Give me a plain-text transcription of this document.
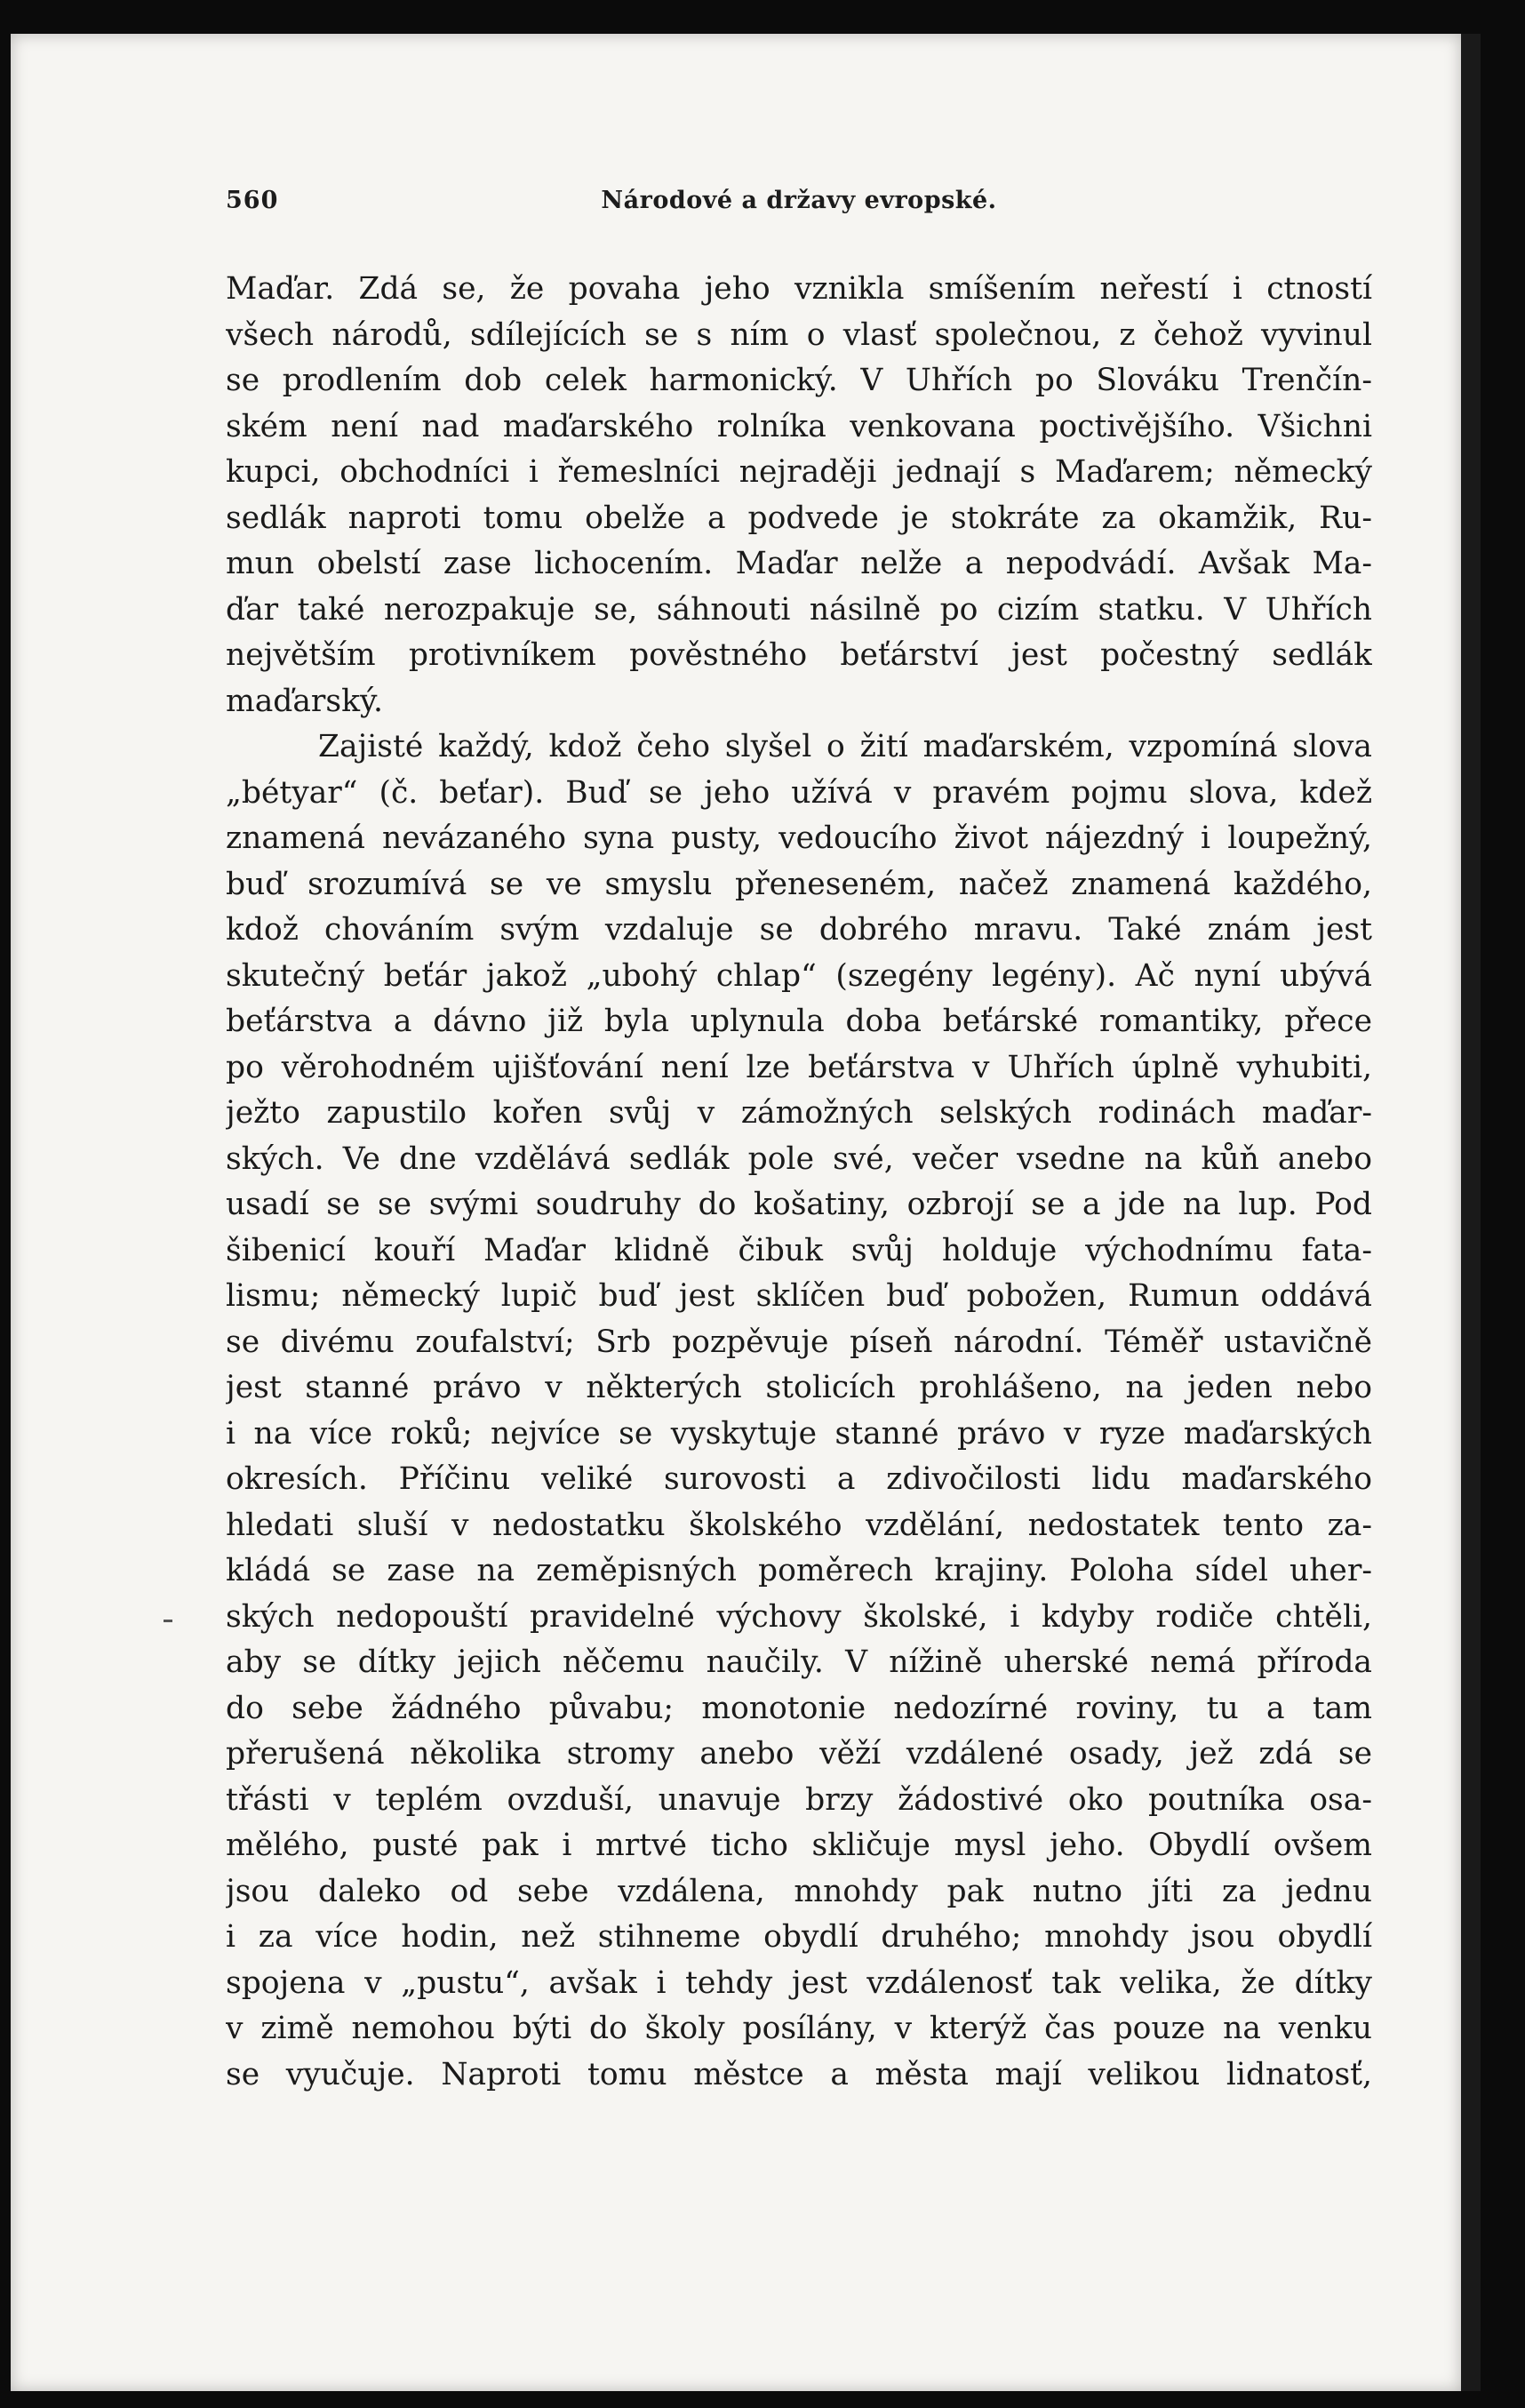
560	Národové a državy evropské.
Maďar. Zdá se, že povaha jeho vznikla smíšením neřestí i ctností
všech národů, sdílejících se s ním o vlasť společnou, z čehož vyvinul
se prodlením dob celek harmonický. V Uhřích po Slováku Trenčín-
ském není nad maďarského rolníka venkovana poctivějšího. Všichni
kupci, obchodníci i řemeslníci nejraději jednají s Maďarem; německý
sedlák naproti tomu obelže a podvede je stokráte za okamžik, Ru-
mun obelstí zase lichocením. Maďar nelže a nepodvádí. Avšak Ma-
ďar také nerozpakuje se, sáhnouti násilně po cizím statku. V Uhřích
největším protivníkem pověstného beťárství jest počestný sedlák
maďarský.
Zajisté každý, kdož čeho slyšel o žití maďarském, vzpomíná slova
„bétyar“ (č. beťar). Buď se jeho užívá v pravém pojmu slova, kdež
znamená nevázaného syna pusty, vedoucího život nájezdný i loupežný,
buď srozumívá se ve smyslu přeneseném, načež znamená každého,
kdož chováním svým vzdaluje se dobrého mravu. Také znám jest
skutečný beťár jakož „ubohý chlap“ (szegény legény). Ač nyní ubývá
beťárstva a dávno již byla uplynula doba beťárské romantiky, přece
po věrohodném ujišťování není lze beťárstva v Uhřích úplně vyhubiti,
ježto zapustilo kořen svůj v zámožných selských rodinách maďar-
ských. Ve dne vzdělává sedlák pole své, večer vsedne na kůň anebo
usadí se se svými soudruhy do košatiny, ozbrojí se a jde na lup. Pod
šibenicí kouří Maďar klidně čibuk svůj holduje východnímu fata-
lismu; německý lupič buď jest sklíčen buď pobožen, Rumun oddává
se divému zoufalství; Srb pozpěvuje píseň národní. Téměř ustavičně
jest stanné právo v některých stolicích prohlášeno, na jeden nebo
i na více roků; nejvíce se vyskytuje stanné právo v ryze maďarských
okresích. Příčinu veliké surovosti a zdivočilosti lidu maďarského
hledati sluší v nedostatku školského vzdělání, nedostatek tento za-
kládá se zase na zeměpisných poměrech krajiny. Poloha sídel uher-
ských nedopouští pravidelné výchovy školské, i kdyby rodiče chtěli,
aby se dítky jejich něčemu naučily. V nížině uherské nemá příroda
do sebe žádného půvabu; monotonie nedozírné roviny, tu a tam
přerušená několika stromy anebo věží vzdálené osady, jež zdá se
třásti v teplém ovzduší, unavuje brzy žádostivé oko poutníka osa-
mělého, pusté pak i mrtvé ticho skličuje mysl jeho. Obydlí ovšem
jsou daleko od sebe vzdálena, mnohdy pak nutno jíti za jednu
i za více hodin, než stihneme obydlí druhého; mnohdy jsou obydlí
spojena v „pustu“, avšak i tehdy jest vzdálenosť tak velika, že dítky
v zimě nemohou býti do školy posílány, v kterýž čas pouze na venku
se vyučuje. Naproti tomu městce a města mají velikou lidnatosť,
